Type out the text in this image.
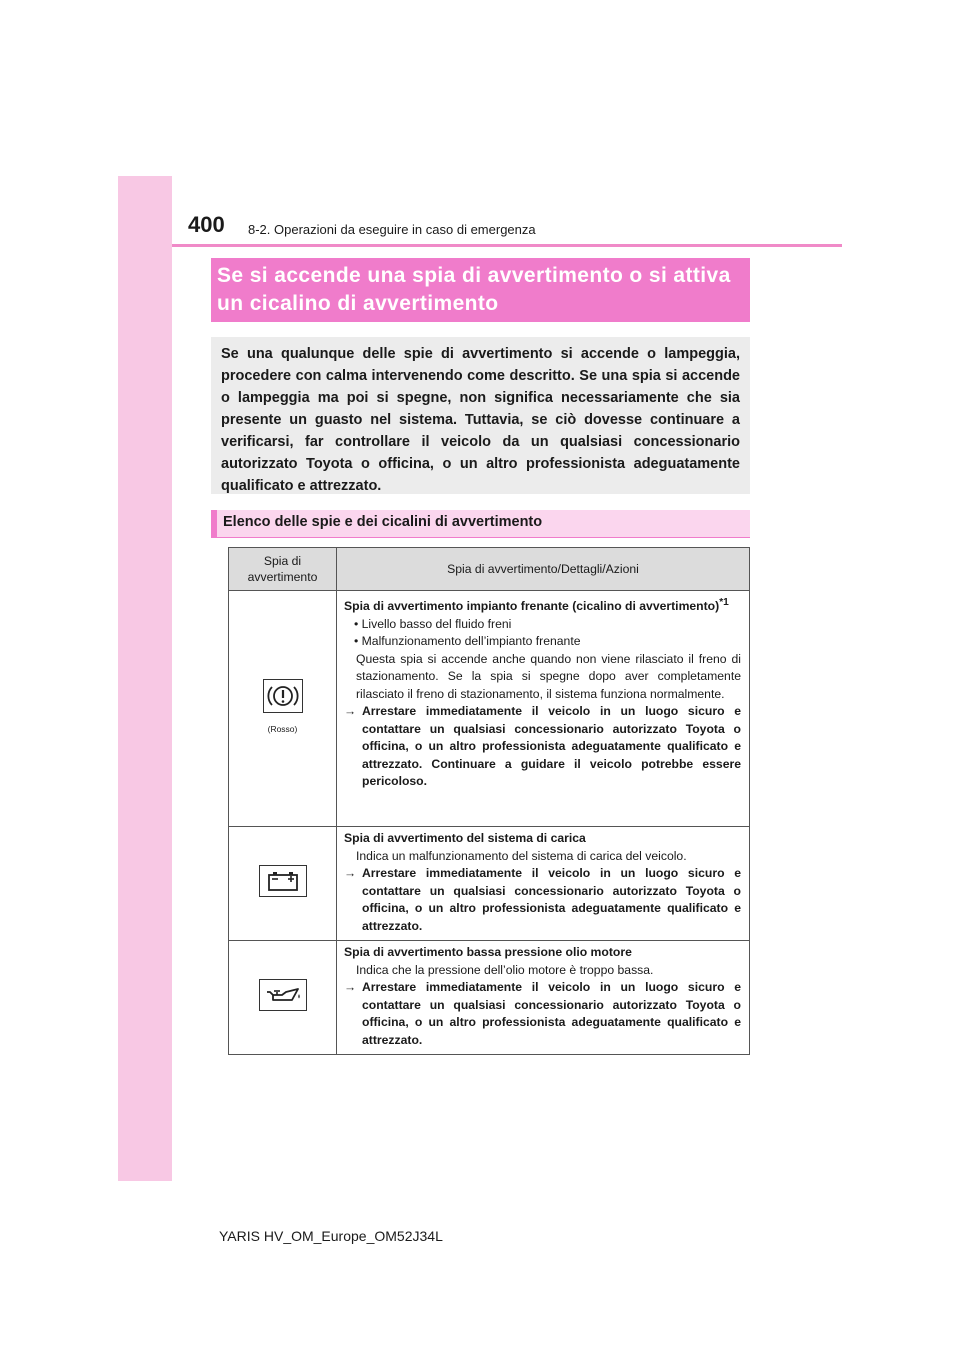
400 8-2. Operazioni da eseguire in caso di emergenza
Se si accende una spia di avvertimento o si attiva un cicalino di avvertimento
Se una qualunque delle spie di avvertimento si accende o lampeggia, procedere con calma intervenendo come descritto. Se una spia si accende o lampeggia ma poi si spegne, non significa necessariamente che sia presente un guasto nel sistema. Tuttavia, se ciò dovesse continuare a verificarsi, far controllare il veicolo da un qualsiasi concessionario autorizzato Toyota o officina, o un altro professionista adeguatamente qualificato e attrezzato.
Elenco delle spie e dei cicalini di avvertimento
Spia di avvertimento	Spia di avvertimento/Dettagli/Azioni

(Rosso)	Spia di avvertimento impianto frenante (cicalino di avvertimento)$^{*1}$
• Livello basso del fluido freni
• Malfunzionamento dell’impianto frenante
Questa spia si accende anche quando non viene rilasciato il freno di stazionamento. Se la spia si spegne dopo aver completamente rilasciato il freno di stazionamento, il sistema funziona normalmente.
→ Arrestare immediatamente il veicolo in un luogo sicuro e contattare un qualsiasi concessionario autorizzato Toyota o officina, o un altro professionista adeguatamente qualificato e attrezzato. Continuare a guidare il veicolo potrebbe essere pericoloso.

Spia di avvertimento del sistema di carica
Indica un malfunzionamento del sistema di carica del veicolo.
→ Arrestare immediatamente il veicolo in un luogo sicuro e contattare un qualsiasi concessionario autorizzato Toyota o officina, o un altro professionista adeguatamente qualificato e attrezzato.

Spia di avvertimento bassa pressione olio motore
Indica che la pressione dell’olio motore è troppo bassa.
→ Arrestare immediatamente il veicolo in un luogo sicuro e contattare un qualsiasi concessionario autorizzato Toyota o officina, o un altro professionista adeguatamente qualificato e attrezzato.
YARIS HV_OM_Europe_OM52J34L
